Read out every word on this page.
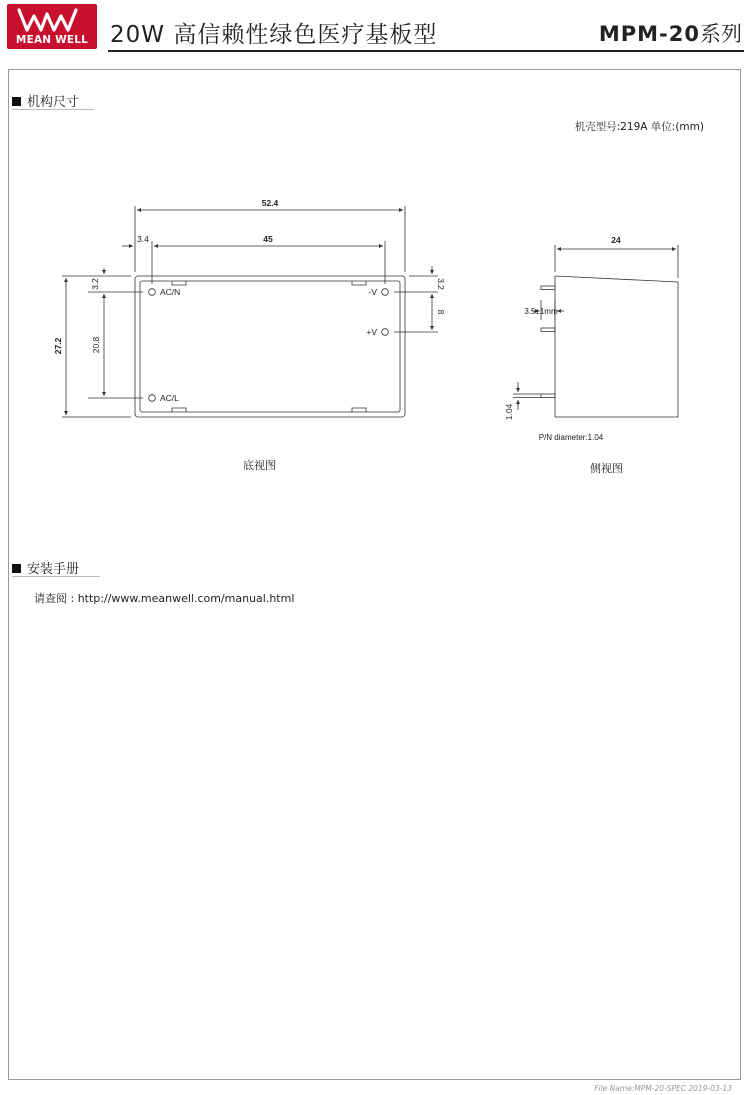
MEAN WELL 20W 高信赖性绿色医疗基板型	MPM-20系列
机构尺寸
机壳型号:219A 单位:(mm)
52.4
45	24
3.4
AC/N
AC/L
-V
+V
3.5±1mm
P/N diameter:1.04
27.2	20.8
3.2	3.2
8
1.04
底视图	侧视图
安装手册
请查阅 : http://www.meanwell.com/manual.html
File Name:MPM-20-SPEC 2019-03-13
